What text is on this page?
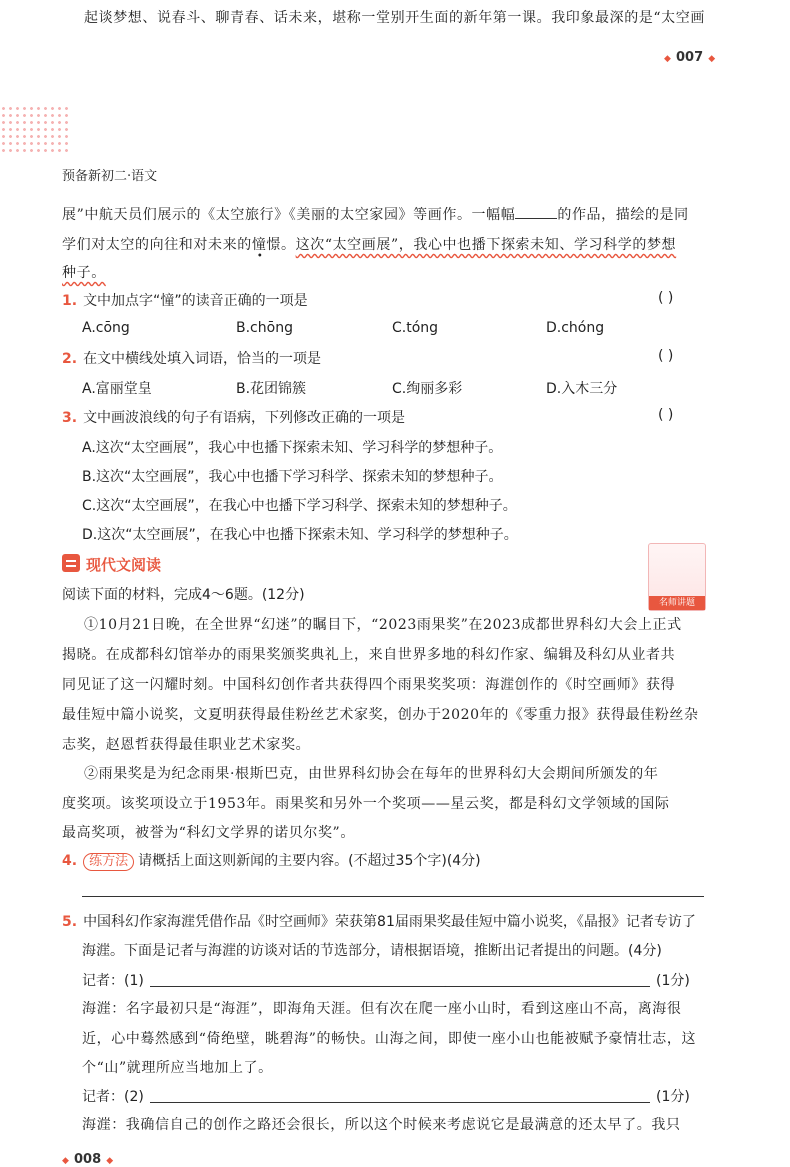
起谈梦想、说春斗、聊青春、话未来，堪称一堂别开生面的新年第一课。我印象最深的是“太空画
◆ 007 ◆
预备新初二·语文
展”中航天员们展示的《太空旅行》《美丽的太空家园》等画作。一幅幅	的作品，描绘的是同
学们对太空的向往和对未来的憧
•
憬。这次“太空画展”，我心中也播下探索未知、学习科学的梦想
种子。
1. 文中加点字“憧”的读音正确的一项是	( )
A.cōng	B.chōng	C.tóng	D.chóng
2. 在文中横线处填入词语，恰当的一项是	( )
A.富丽堂皇	B.花团锦簇	C.绚丽多彩	D.入木三分
3. 文中画波浪线的句子有语病，下列修改正确的一项是	( )
A.这次“太空画展”，我心中也播下探索未知、学习科学的梦想种子。
B.这次“太空画展”，我心中也播下学习科学、探索未知的梦想种子。
C.这次“太空画展”，在我心中也播下学习科学、探索未知的梦想种子。
D.这次“太空画展”，在我心中也播下探索未知、学习科学的梦想种子。
现代文阅读
名师讲题
阅读下面的材料，完成4～6题。(12分)
①10月21日晚，在全世界“幻迷”的瞩目下，“2023雨果奖”在2023成都世界科幻大会上正式
揭晓。在成都科幻馆举办的雨果奖颁奖典礼上，来自世界多地的科幻作家、编辑及科幻从业者共
同见证了这一闪耀时刻。中国科幻创作者共获得四个雨果奖奖项：海漄创作的《时空画师》获得
最佳短中篇小说奖，文夏明获得最佳粉丝艺术家奖，创办于2020年的《零重力报》获得最佳粉丝杂
志奖，赵恩哲获得最佳职业艺术家奖。
②雨果奖是为纪念雨果·根斯巴克，由世界科幻协会在每年的世界科幻大会期间所颁发的年
度奖项。该奖项设立于1953年。雨果奖和另外一个奖项——星云奖，都是科幻文学领域的国际
最高奖项，被誉为“科幻文学界的诺贝尔奖”。
4. 练方法 请概括上面这则新闻的主要内容。(不超过35个字)(4分)
5. 中国科幻作家海漄凭借作品《时空画师》荣获第81届雨果奖最佳短中篇小说奖，《晶报》记者专访了
海漄。下面是记者与海漄的访谈对话的节选部分，请根据语境，推断出记者提出的问题。(4分)
记者：(1)	(1分)
海漄：名字最初只是“海涯”，即海角天涯。但有次在爬一座小山时，看到这座山不高，离海很
近，心中蓦然感到“倚绝壁，眺碧海”的畅快。山海之间，即使一座小山也能被赋予豪情壮志，这
个“山”就理所应当地加上了。
记者：(2)	(1分)
海漄：我确信自己的创作之路还会很长，所以这个时候来考虑说它是最满意的还太早了。我只
◆ 008 ◆
